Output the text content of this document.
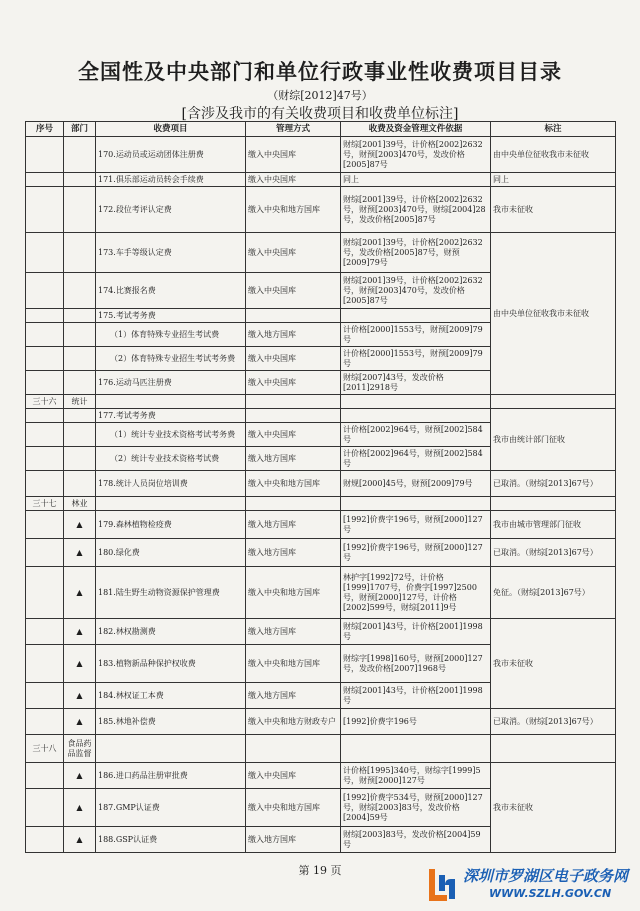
全国性及中央部门和单位行政事业性收费项目目录
（财综[2012]47号）
[含涉及我市的有关收费项目和收费单位标注]
序号	部门	收费项目	管理方式	收费及资金管理文件依据	标注
		170.运动员或运动团体注册费	缴入中央国库	财综[2001]39号，计价格[2002]2632号，财预[2003]470号，发改价格[2005]87号	由中央单位征收我市未征收
		171.俱乐部运动员转会手续费	缴入中央国库	同上	同上
		172.段位考评认定费	缴入中央和地方国库	财综[2001]39号，计价格[2002]2632号，财预[2003]470号，财综[2004]28号，发改价格[2005]87号	我市未征收
		173.车手等级认定费	缴入中央国库	财综[2001]39号，计价格[2002]2632号，发改价格[2005]87号，财预[2009]79号	由中央单位征收我市未征收
		174.比赛报名费	缴入中央国库	财综[2001]39号，计价格[2002]2632号，财预[2003]470号，发改价格[2005]87号	
		175.考试考务费			
		（1）体育特殊专业招生考试费	缴入地方国库	计价格[2000]1553号，财预[2009]79号	
		（2）体育特殊专业招生考试考务费	缴入中央国库	计价格[2000]1553号，财预[2009]79号	
		176.运动马匹注册费	缴入中央国库	财综[2007]43号，发改价格[2011]2918号	
三十六	统计				
		177.考试考务费			我市由统计部门征收
		（1）统计专业技术资格考试考务费	缴入中央国库	计价格[2002]964号，财预[2002]584号	
		（2）统计专业技术资格考试费	缴入地方国库	计价格[2002]964号，财预[2002]584号	
		178.统计人员岗位培训费	缴入中央和地方国库	财规[2000]45号，财预[2009]79号	已取消。（财综[2013]67号）
三十七	林业				
	▲	179.森林植物检疫费	缴入地方国库	[1992]价费字196号，财预[2000]127号	我市由城市管理部门征收
	▲	180.绿化费	缴入地方国库	[1992]价费字196号，财预[2000]127号	已取消。（财综[2013]67号）
	▲	181.陆生野生动物资源保护管理费	缴入中央和地方国库	林护字[1992]72号，计价格[1999]1707号，价费字[1997]2500号，财预[2000]127号，计价格[2002]599号，财综[2011]9号	免征。（财综[2013]67号）
	▲	182.林权勘测费	缴入地方国库	财综[2001]43号，计价格[2001]1998号	我市未征收
	▲	183.植物新品种保护权收费	缴入中央和地方国库	财综字[1998]160号，财预[2000]127号，发改价格[2007]1968号	
	▲	184.林权证工本费	缴入地方国库	财综[2001]43号，计价格[2001]1998号	
	▲	185.林地补偿费	缴入中央和地方财政专户	[1992]价费字196号	已取消。（财综[2013]67号）
三十八	食品药品监督				
	▲	186.进口药品注册审批费	缴入中央国库	计价格[1995]340号，财综字[1999]5号，财预[2000]127号	我市未征收
	▲	187.GMP认证费	缴入中央和地方国库	[1992]价费字534号，财预[2000]127号，财综[2003]83号，发改价格[2004]59号	
	▲	188.GSP认证费	缴入地方国库	财综[2003]83号，发改价格[2004]59号	
第 19 页	深圳市罗湖区电子政务网
WWW.SZLH.GOV.CN
